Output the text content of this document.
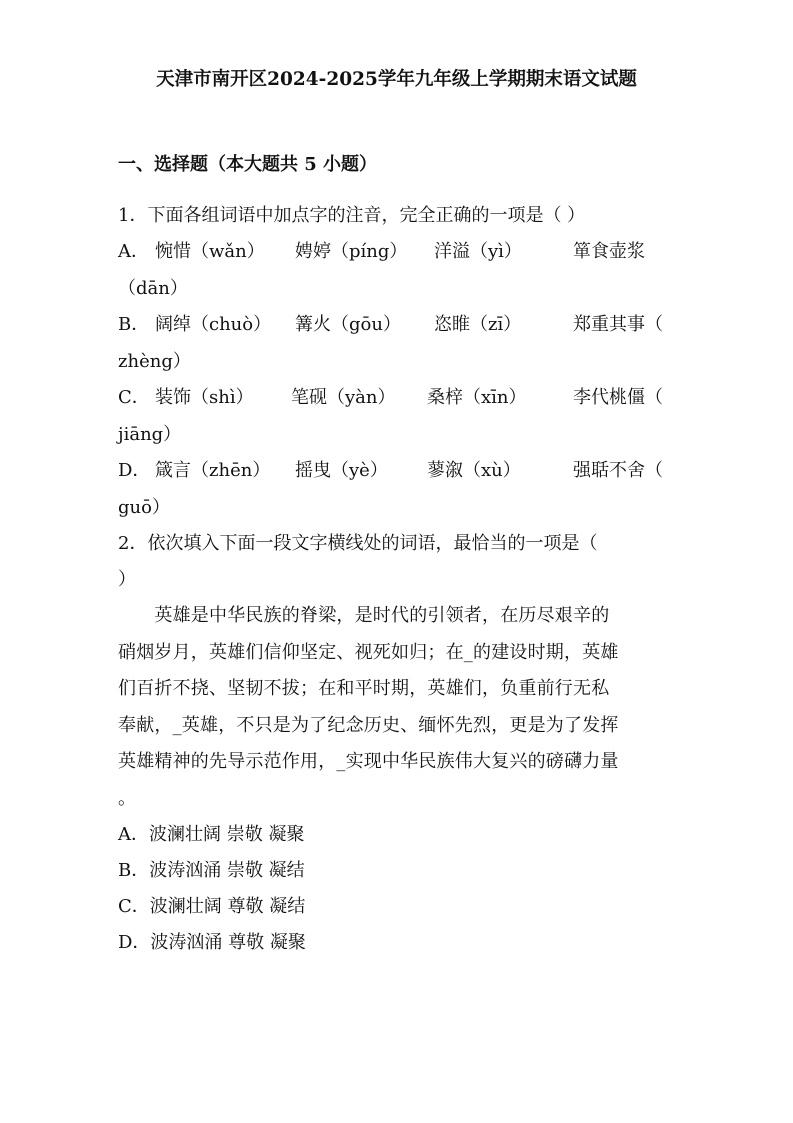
天津市南开区2024-2025学年九年级上学期期末语文试题
一、选择题（本大题共 5 小题）
1．下面各组词语中加点字的注音，完全正确的一项是（ ）
A． 惋惜（wǎn） 娉婷（píng） 洋溢（yì）	箪食壶浆
（dān）
B． 阔绰（chuò） 篝火（gōu） 恣睢（zī）	郑重其事（
zhèng）
C． 装饰（shì） 笔砚（yàn） 桑梓（xīn）	李代桃僵（
jiāng）
D． 箴言（zhēn） 摇曳（yè） 蓼溆（xù）	强聒不舍（
guō）
2．依次填入下面一段文字横线处的词语，最恰当的一项是（
）
　　英雄是中华民族的脊梁，是时代的引领者，在历尽艰辛的
硝烟岁月，英雄们信仰坚定、视死如归；在_的建设时期，英雄
们百折不挠、坚韧不拔；在和平时期，英雄们，负重前行无私
奉献，_英雄，不只是为了纪念历史、缅怀先烈，更是为了发挥
英雄精神的先导示范作用，_实现中华民族伟大复兴的磅礴力量
。
A．波澜壮阔 崇敬 凝聚
B．波涛汹涌 崇敬 凝结
C．波澜壮阔 尊敬 凝结
D．波涛汹涌 尊敬 凝聚
